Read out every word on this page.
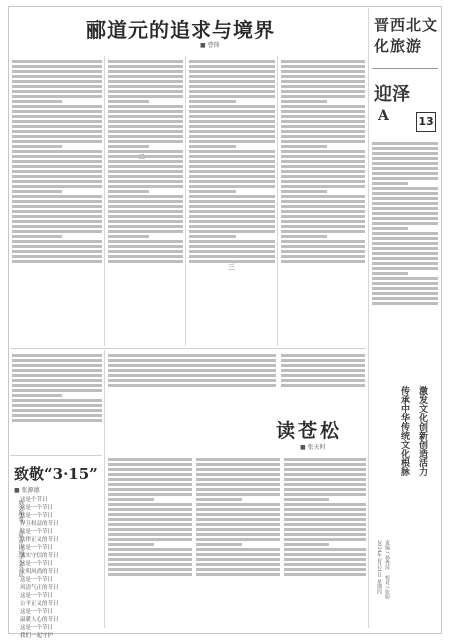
郦道元的追求与境界
■ 曹锋
二
三
读苍松
■ 张天时
致敬“3·15”
■ 张源德
这是个节日
这是一个节日
这是一个节日
捍卫权益的节日
这是一个节日
法律正义的节日
这是一个节日
诚实守信的节日
这是一个节日
文明风尚的节日
这是一个节日
风清气正的节日
这是一个节日
公平正义的节日
这是一个节日
温暖人心的节日
这是一个节日
我们一起守护
协会理事、太原市诗词学会会员
晋西北文化旅游
迎泽
A	13
激发文化创新创造活力
传承中华传统文化根脉
2024年3月21日 星期四 责编 / 孙秀萍　校对 / 张婷
